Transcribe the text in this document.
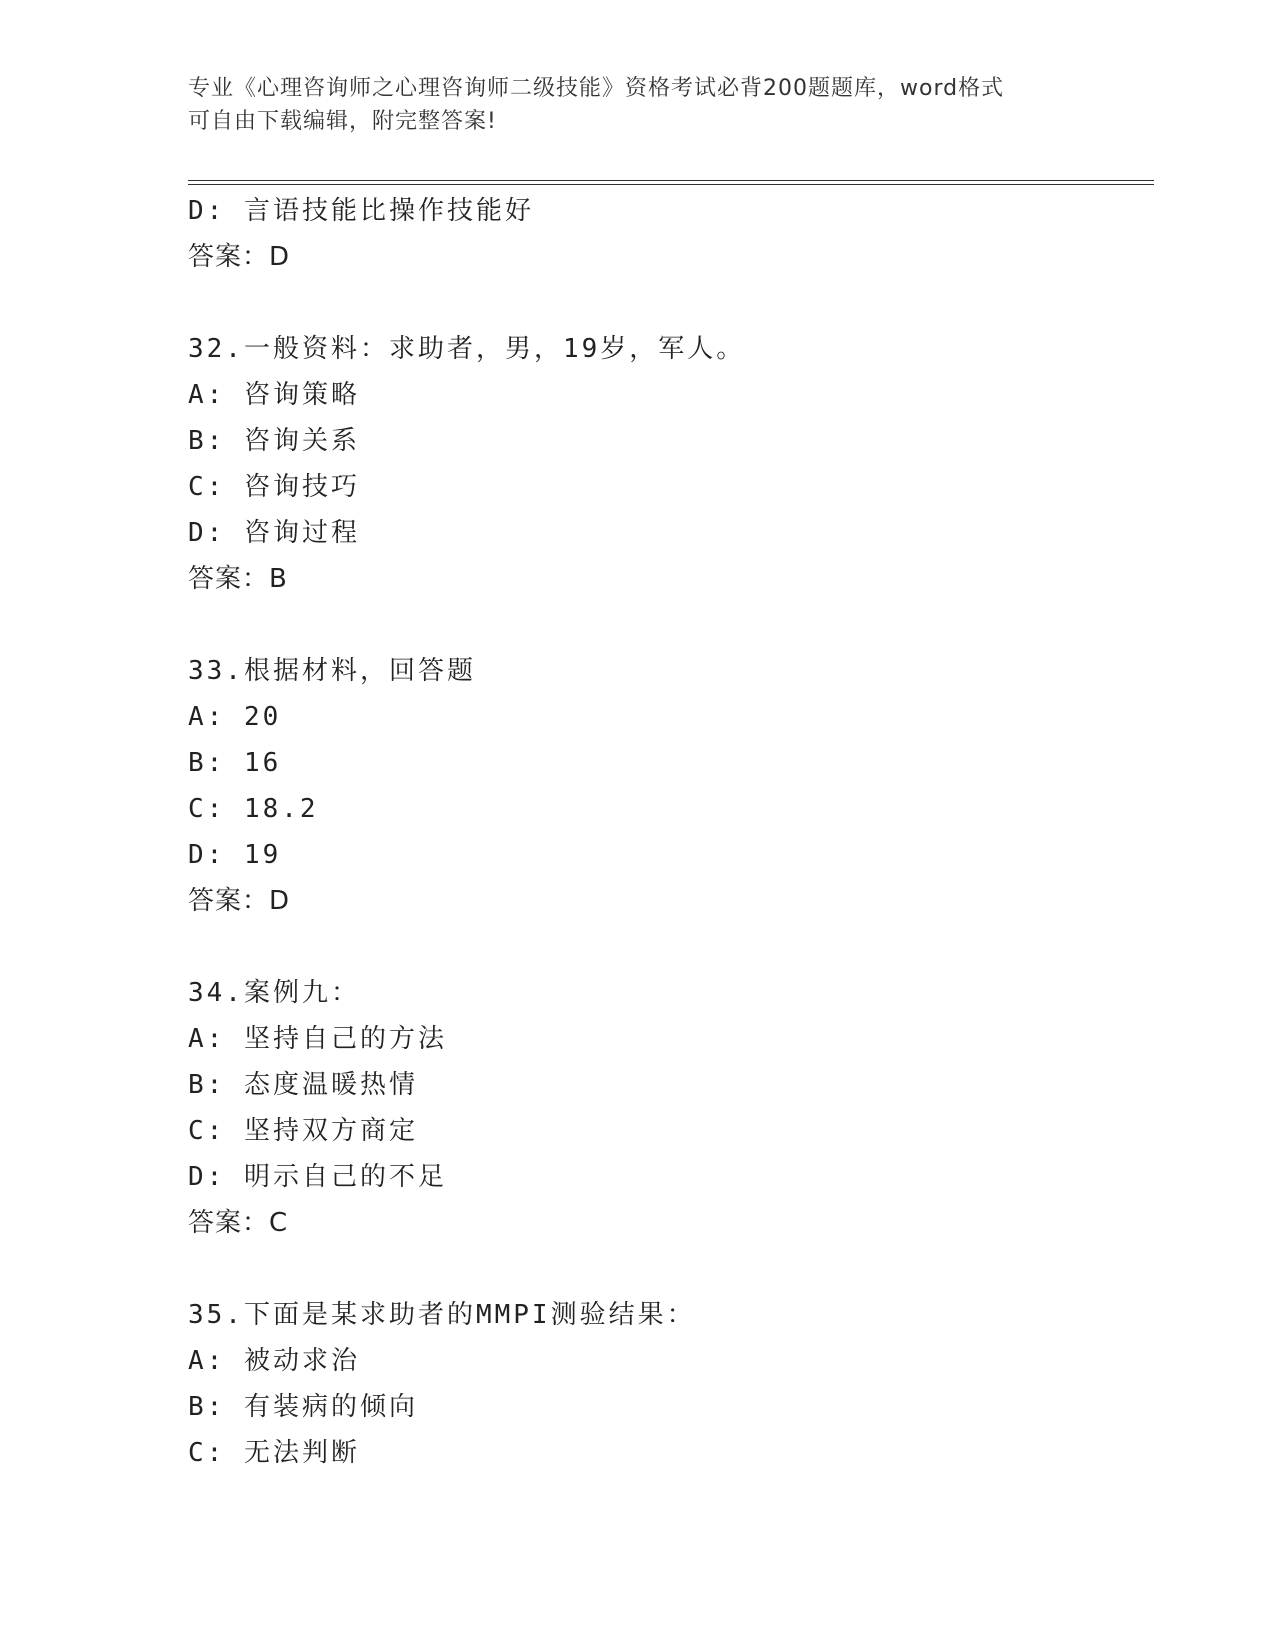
专业《心理咨询师之心理咨询师二级技能》资格考试必背200题题库，word格式
可自由下载编辑，附完整答案!
D: 言语技能比操作技能好
答案：D
32.一般资料：求助者，男，19岁，军人。
A: 咨询策略
B: 咨询关系
C: 咨询技巧
D: 咨询过程
答案：B
33.根据材料，回答题
A: 20
B: 16
C: 18.2
D: 19
答案：D
34.案例九：
A: 坚持自己的方法
B: 态度温暖热情
C: 坚持双方商定
D: 明示自己的不足
答案：C
35.下面是某求助者的MMPI测验结果：
A: 被动求治
B: 有装病的倾向
C: 无法判断
